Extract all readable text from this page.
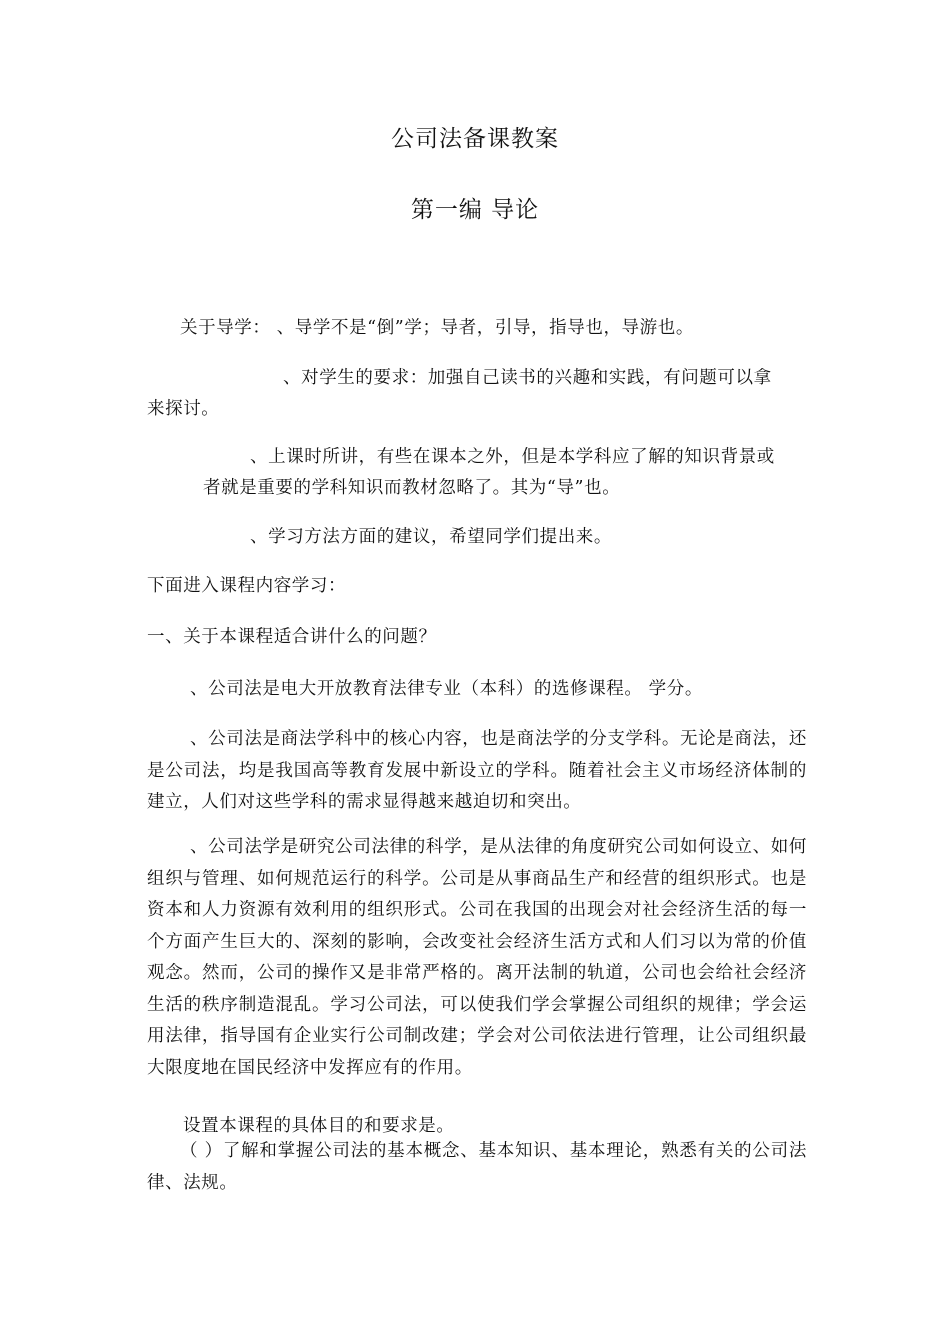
公司法备课教案
第一编 导论
关于导学： 、导学不是“倒”学；导者，引导，指导也，导游也。
、对学生的要求：加强自己读书的兴趣和实践，有问题可以拿
来探讨。
、上课时所讲，有些在课本之外，但是本学科应了解的知识背景或
者就是重要的学科知识而教材忽略了。其为“导”也。
、学习方法方面的建议，希望同学们提出来。
下面进入课程内容学习：
一、关于本课程适合讲什么的问题？
、公司法是电大开放教育法律专业（本科）的选修课程。 学分。
、公司法是商法学科中的核心内容，也是商法学的分支学科。无论是商法，还是公司法，均是我国高等教育发展中新设立的学科。随着社会主义市场经济体制的建立，人们对这些学科的需求显得越来越迫切和突出。
、公司法学是研究公司法律的科学，是从法律的角度研究公司如何设立、如何组织与管理、如何规范运行的科学。公司是从事商品生产和经营的组织形式。也是资本和人力资源有效利用的组织形式。公司在我国的出现会对社会经济生活的每一个方面产生巨大的、深刻的影响，会改变社会经济生活方式和人们习以为常的价值观念。然而，公司的操作又是非常严格的。离开法制的轨道，公司也会给社会经济生活的秩序制造混乱。学习公司法，可以使我们学会掌握公司组织的规律；学会运用法律，指导国有企业实行公司制改建；学会对公司依法进行管理，让公司组织最大限度地在国民经济中发挥应有的作用。
设置本课程的具体目的和要求是。
（ ）了解和掌握公司法的基本概念、基本知识、基本理论，熟悉有关的公司法律、法规。
